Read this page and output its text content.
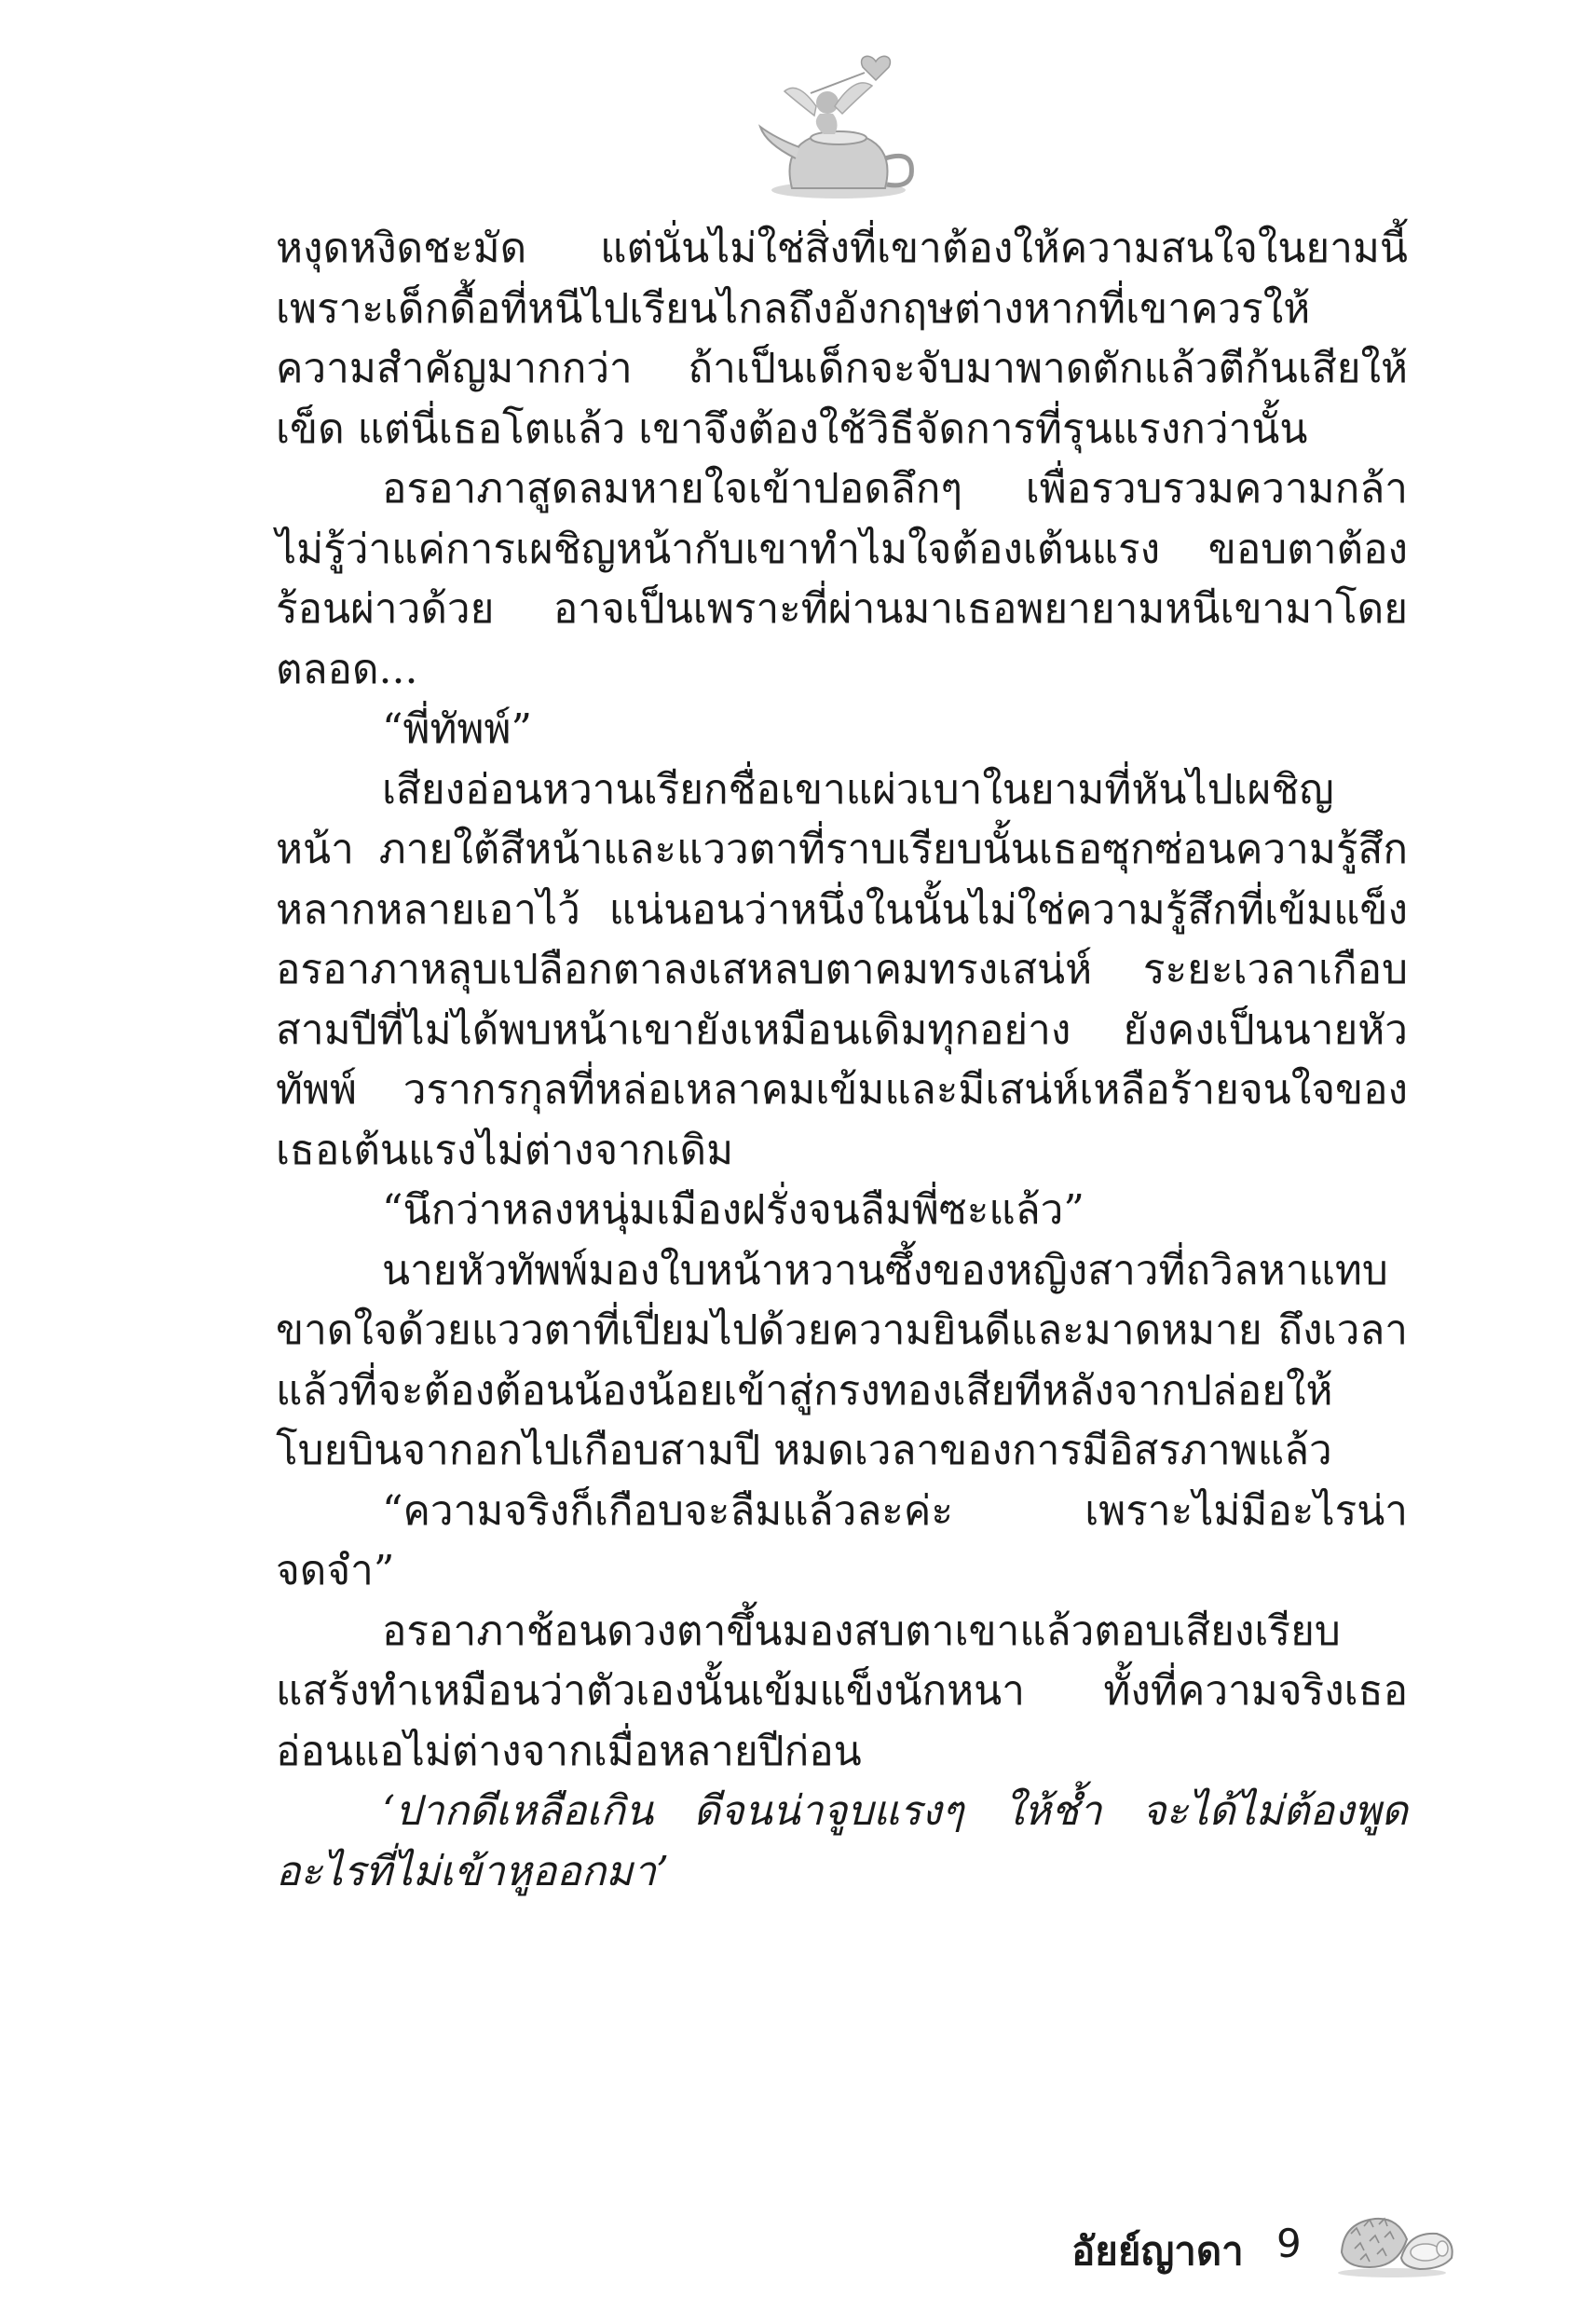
หงุดหงิดชะมัด แต่นั่นไม่ใช่สิ่งที่เขาต้องให้ความสนใจในยามนี้ เพราะเด็กดื้อที่หนีไปเรียนไกลถึงอังกฤษต่างหากที่เขาควรให้ความสำคัญมากกว่า ถ้าเป็นเด็กจะจับมาพาดตักแล้วตีก้นเสียให้เข็ด แต่นี่เธอโตแล้ว เขาจึงต้องใช้วิธีจัดการที่รุนแรงกว่านั้น

อรอาภาสูดลมหายใจเข้าปอดลึกๆ เพื่อรวบรวมความกล้า ไม่รู้ว่าแค่การเผชิญหน้ากับเขาทำไมใจต้องเต้นแรง ขอบตาต้องร้อนผ่าวด้วย อาจเป็นเพราะที่ผ่านมาเธอพยายามหนีเขามาโดยตลอด...

“พี่ทัพพ์”

เสียงอ่อนหวานเรียกชื่อเขาแผ่วเบาในยามที่หันไปเผชิญหน้า ภายใต้สีหน้าและแววตาที่ราบเรียบนั้นเธอซุกซ่อนความรู้สึกหลากหลายเอาไว้ แน่นอนว่าหนึ่งในนั้นไม่ใช่ความรู้สึกที่เข้มแข็ง อรอาภาหลุบเปลือกตาลงเสหลบตาคมทรงเสน่ห์ ระยะเวลาเกือบสามปีที่ไม่ได้พบหน้าเขายังเหมือนเดิมทุกอย่าง ยังคงเป็นนายหัวทัพพ์ วรากรกุลที่หล่อเหลาคมเข้มและมีเสน่ห์เหลือร้ายจนใจของเธอเต้นแรงไม่ต่างจากเดิม

“นึกว่าหลงหนุ่มเมืองฝรั่งจนลืมพี่ซะแล้ว”

นายหัวทัพพ์มองใบหน้าหวานซึ้งของหญิงสาวที่ถวิลหาแทบขาดใจด้วยแววตาที่เปี่ยมไปด้วยความยินดีและมาดหมาย ถึงเวลาแล้วที่จะต้องต้อนน้องน้อยเข้าสู่กรงทองเสียทีหลังจากปล่อยให้โบยบินจากอกไปเกือบสามปี หมดเวลาของการมีอิสรภาพแล้ว

“ความจริงก็เกือบจะลืมแล้วละค่ะ เพราะไม่มีอะไรน่าจดจำ”

อรอาภาช้อนดวงตาขึ้นมองสบตาเขาแล้วตอบเสียงเรียบ แสร้งทำเหมือนว่าตัวเองนั้นเข้มแข็งนักหนา ทั้งที่ความจริงเธออ่อนแอไม่ต่างจากเมื่อหลายปีก่อน

‘ปากดีเหลือเกิน ดีจนน่าจูบแรงๆ ให้ช้ำ จะได้ไม่ต้องพูดอะไรที่ไม่เข้าหูออกมา’

อัยย์ญาดา 9
